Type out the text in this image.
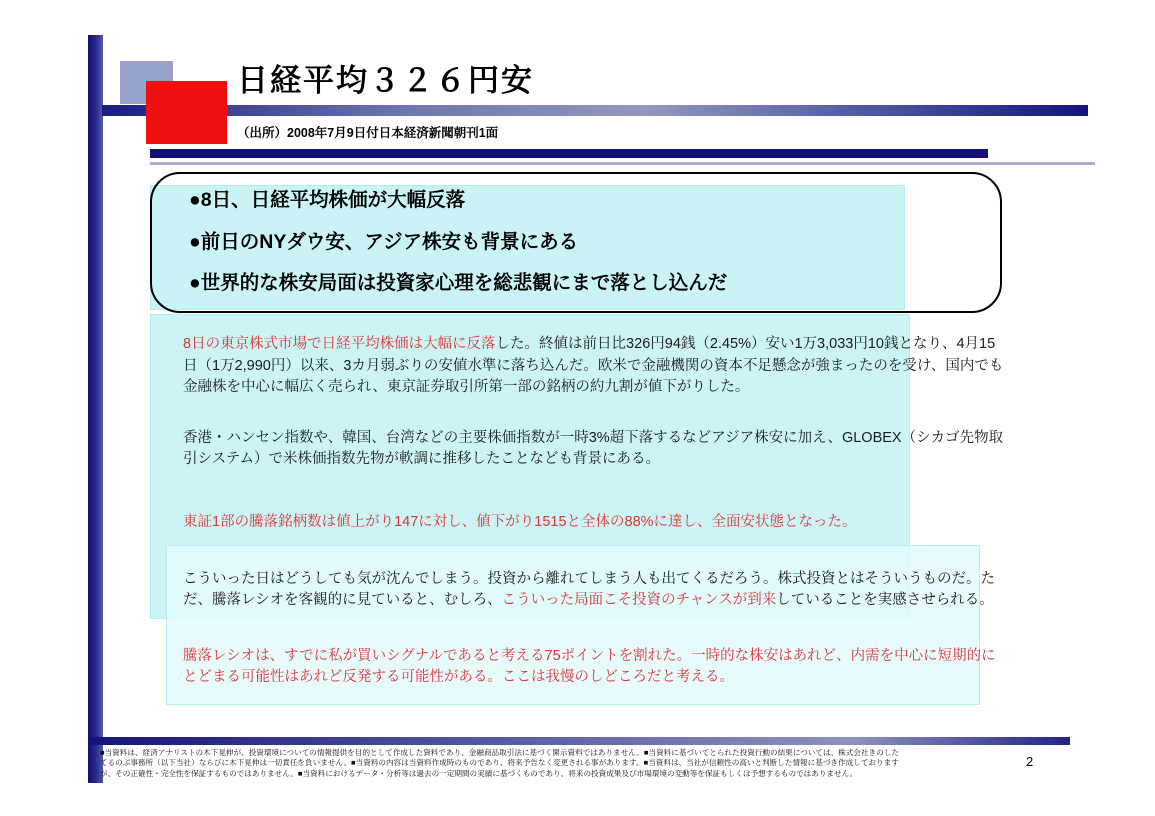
日経平均３２６円安
（出所）2008年7月9日付日本経済新聞朝刊1面
●8日、日経平均株価が大幅反落
●前日のNYダウ安、アジア株安も背景にある
●世界的な株安局面は投資家心理を総悲観にまで落とし込んだ

8日の東京株式市場で日経平均株価は大幅に反落した。終値は前日比326円94銭（2.45%）安い1万3,033円10銭となり、4月15日（1万2,990円）以来、3カ月弱ぶりの安値水準に落ち込んだ。欧米で金融機関の資本不足懸念が強まったのを受け、国内でも金融株を中心に幅広く売られ、東京証券取引所第一部の銘柄の約九割が値下がりした。

香港・ハンセン指数や、韓国、台湾などの主要株価指数が一時3%超下落するなどアジア株安に加え、GLOBEX（シカゴ先物取引システム）で米株価指数先物が軟調に推移したことなども背景にある。

東証1部の騰落銘柄数は値上がり147に対し、値下がり1515と全体の88%に達し、全面安状態となった。

こういった日はどうしても気が沈んでしまう。投資から離れてしまう人も出てくるだろう。株式投資とはそういうものだ。ただ、騰落レシオを客観的に見ていると、むしろ、こういった局面こそ投資のチャンスが到来していることを実感させられる。

騰落レシオは、すでに私が買いシグナルであると考える75ポイントを割れた。一時的な株安はあれど、内需を中心に短期的にとどまる可能性はあれど反発する可能性がある。ここは我慢のしどころだと考える。

■当資料は、経済アナリストの木下晃伸が、投資環境についての情報提供を目的として作成した資料であり、金融商品取引法に基づく開示資料ではありません。■当資料に基づいてとられた投資行動の結果については、株式会社きのした
てるのぶ事務所（以下当社）ならびに木下晃伸は一切責任を負いません。■当資料の内容は当資料作成時のものであり、将来予告なく変更される事があります。■当資料は、当社が信頼性の高いと判断した情報に基づき作成しております
が、その正確性・完全性を保証するものではありません。■当資料におけるデータ・分析等は過去の一定期間の実績に基づくものであり、将来の投資成果及び市場環境の変動等を保証もしくは予想するものではありません。
2
